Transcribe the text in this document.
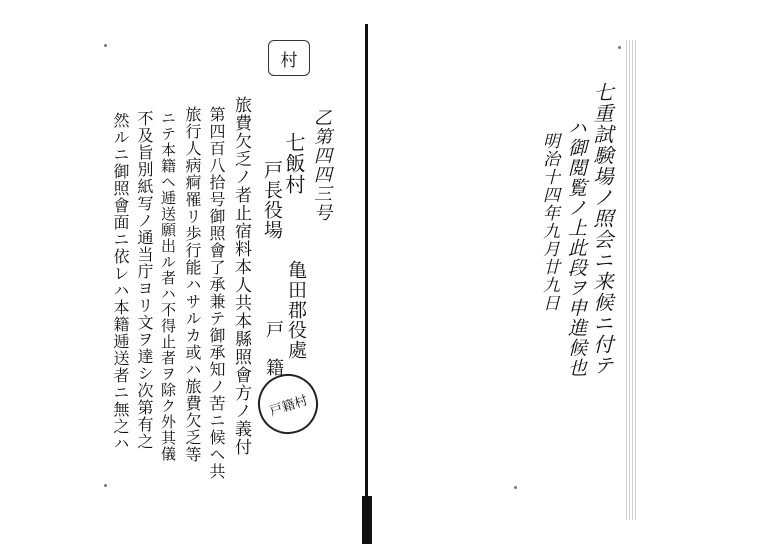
村
乙第四四三号
七飯村
戸長役場
旅費欠乏ノ者止宿料本人共本縣照會方ノ義付
第四百八拾号御照會了承兼テ御承知ノ苦ニ候ヘ共
旅行人病痾罹リ歩行能ハサルカ或ハ旅費欠乏等
ニテ本籍ヘ逓送願出ル者ハ不得止者ヲ除ク外其儀
不及旨別紙写ノ通当庁ヨリ文ヲ達シ次第有之
然ルニ御照會面ニ依レハ本籍逓送者ニ無之ハ	亀田郡役處
戸　籍
戸籍村
七重試験場ノ照会ニ来候ニ付テ
ハ御閲覧ノ上此段ヲ申進候也
明治十四年九月廿九日
